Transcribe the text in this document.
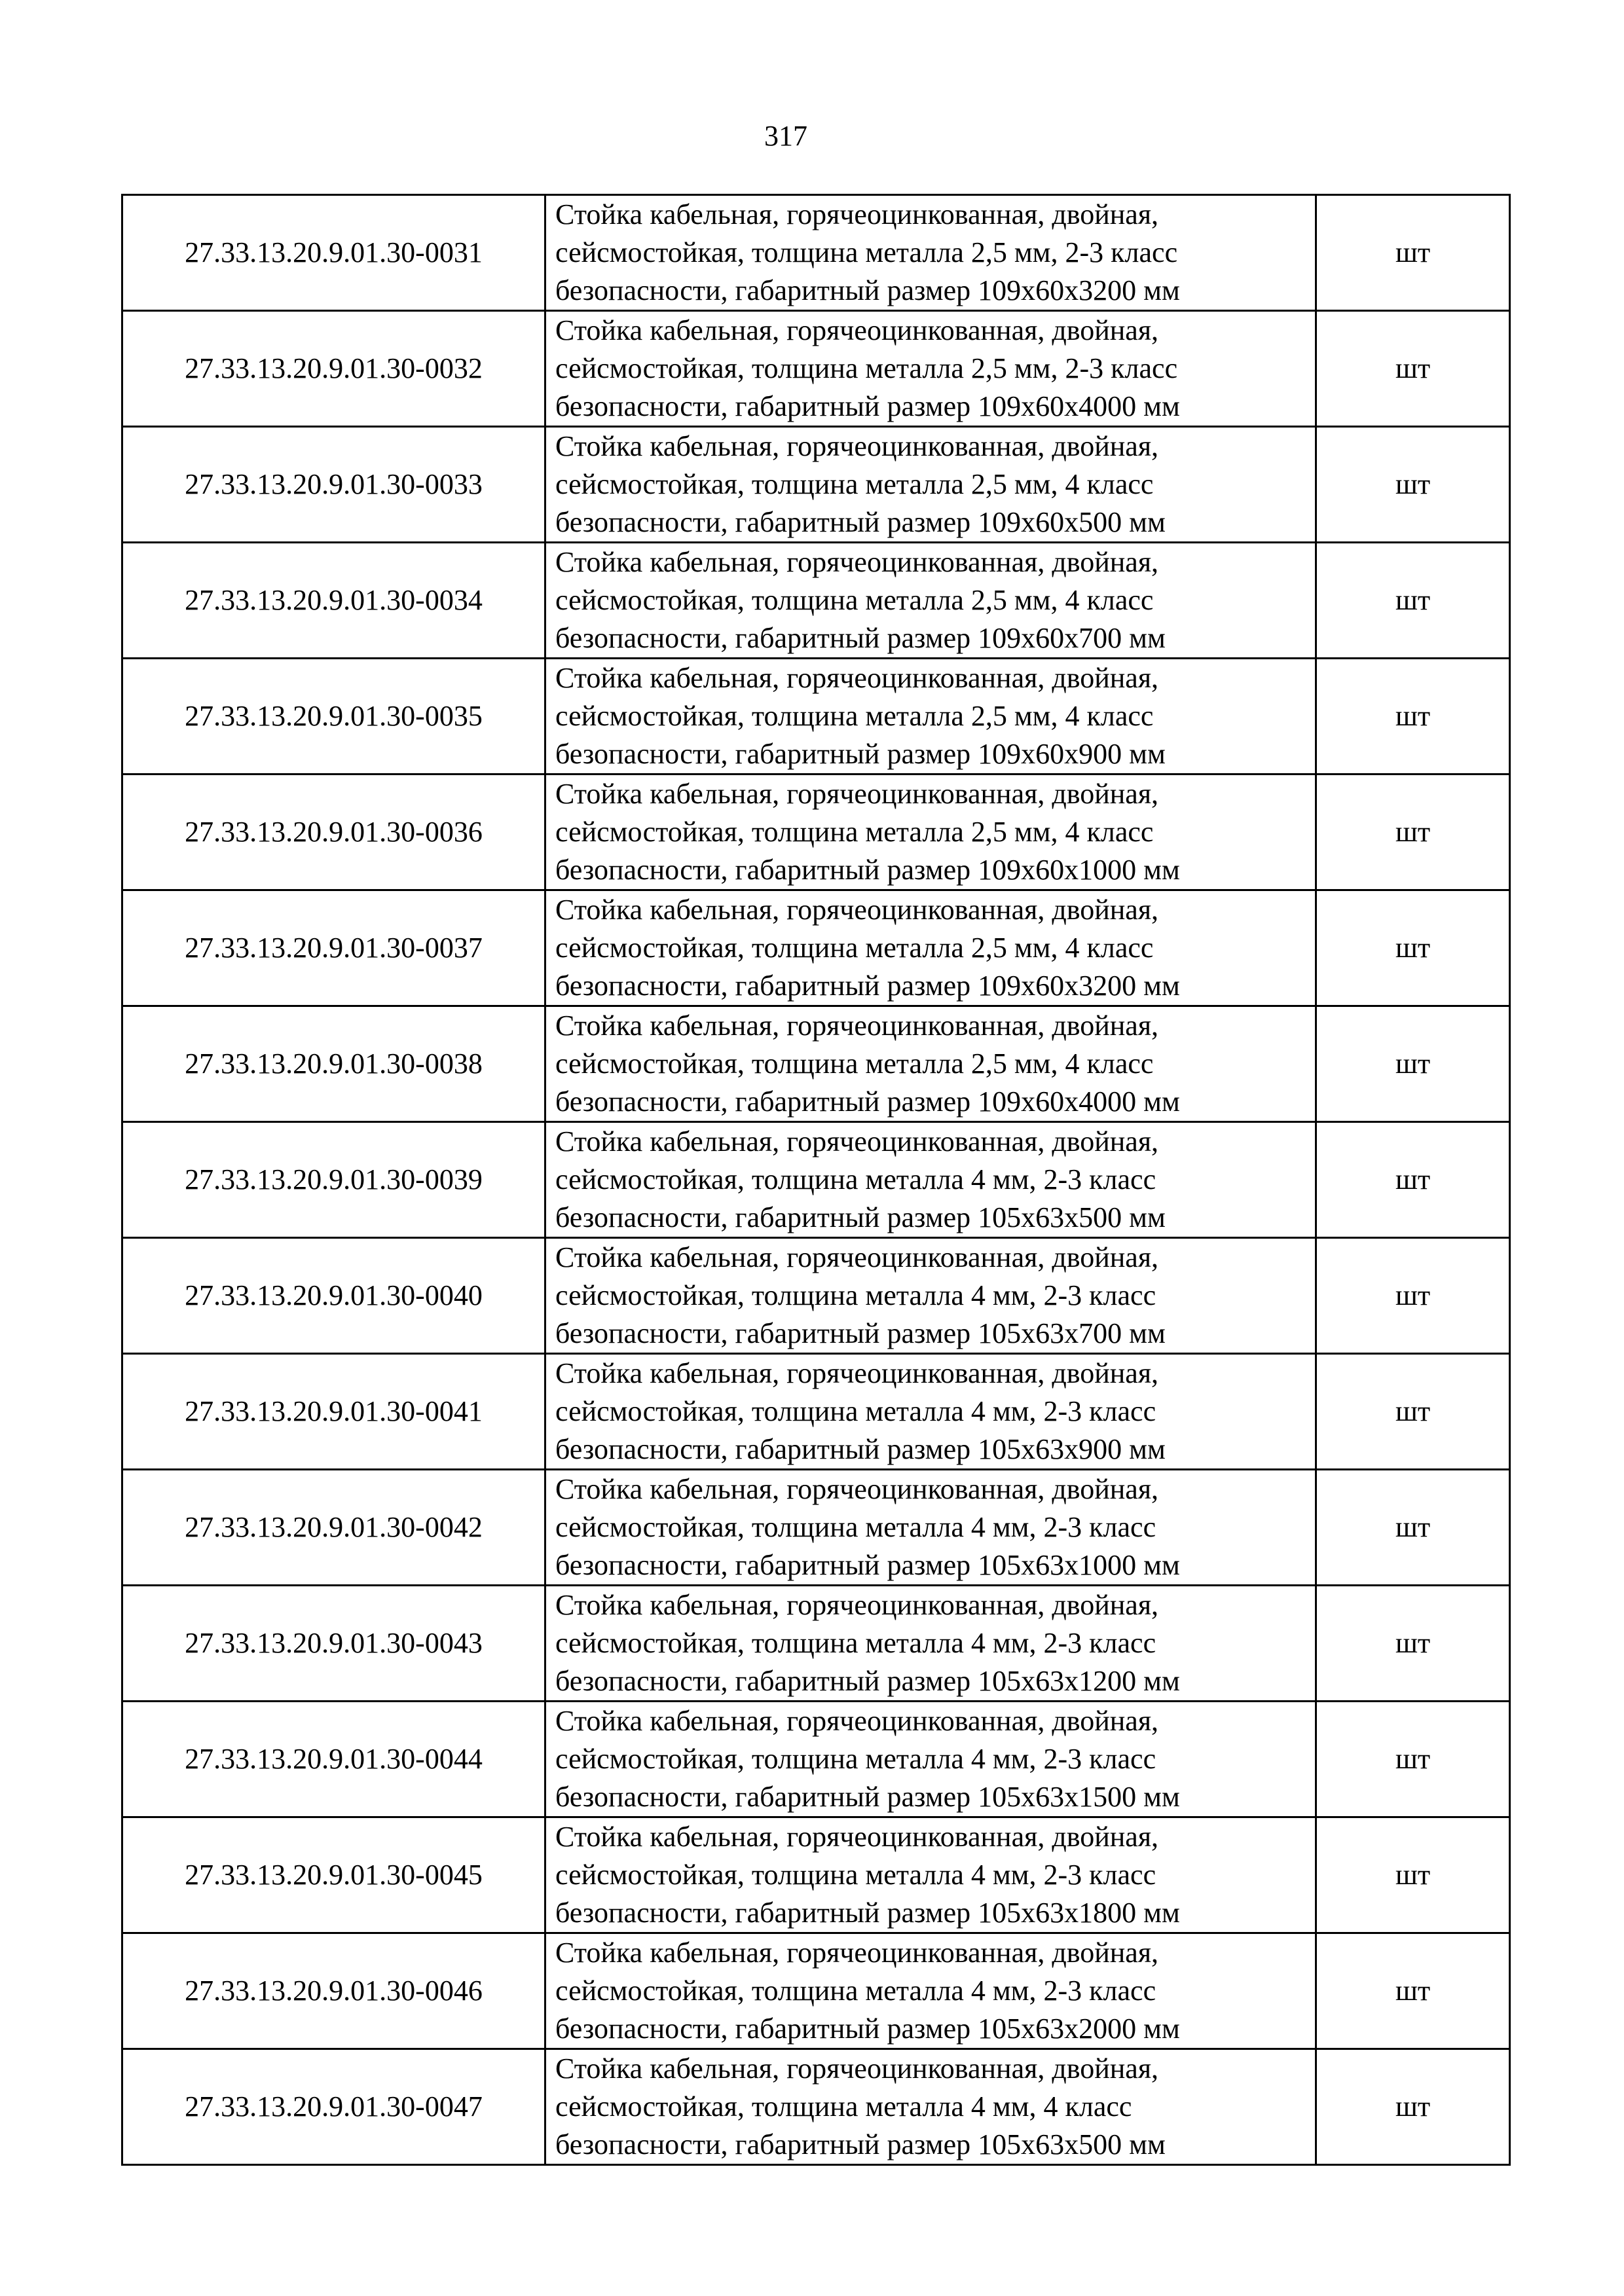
317
27.33.13.20.9.01.30-0031	Стойка кабельная, горячеоцинкованная, двойная,
сейсмостойкая, толщина металла 2,5 мм, 2-3 класс
безопасности, габаритный размер 109х60х3200 мм	шт
27.33.13.20.9.01.30-0032	Стойка кабельная, горячеоцинкованная, двойная,
сейсмостойкая, толщина металла 2,5 мм, 2-3 класс
безопасности, габаритный размер 109х60х4000 мм	шт
27.33.13.20.9.01.30-0033	Стойка кабельная, горячеоцинкованная, двойная,
сейсмостойкая, толщина металла 2,5 мм, 4 класс
безопасности, габаритный размер 109х60х500 мм	шт
27.33.13.20.9.01.30-0034	Стойка кабельная, горячеоцинкованная, двойная,
сейсмостойкая, толщина металла 2,5 мм, 4 класс
безопасности, габаритный размер 109х60х700 мм	шт
27.33.13.20.9.01.30-0035	Стойка кабельная, горячеоцинкованная, двойная,
сейсмостойкая, толщина металла 2,5 мм, 4 класс
безопасности, габаритный размер 109х60х900 мм	шт
27.33.13.20.9.01.30-0036	Стойка кабельная, горячеоцинкованная, двойная,
сейсмостойкая, толщина металла 2,5 мм, 4 класс
безопасности, габаритный размер 109х60х1000 мм	шт
27.33.13.20.9.01.30-0037	Стойка кабельная, горячеоцинкованная, двойная,
сейсмостойкая, толщина металла 2,5 мм, 4 класс
безопасности, габаритный размер 109х60х3200 мм	шт
27.33.13.20.9.01.30-0038	Стойка кабельная, горячеоцинкованная, двойная,
сейсмостойкая, толщина металла 2,5 мм, 4 класс
безопасности, габаритный размер 109х60х4000 мм	шт
27.33.13.20.9.01.30-0039	Стойка кабельная, горячеоцинкованная, двойная,
сейсмостойкая, толщина металла 4 мм, 2-3 класс
безопасности, габаритный размер 105х63х500 мм	шт
27.33.13.20.9.01.30-0040	Стойка кабельная, горячеоцинкованная, двойная,
сейсмостойкая, толщина металла 4 мм, 2-3 класс
безопасности, габаритный размер 105х63х700 мм	шт
27.33.13.20.9.01.30-0041	Стойка кабельная, горячеоцинкованная, двойная,
сейсмостойкая, толщина металла 4 мм, 2-3 класс
безопасности, габаритный размер 105х63х900 мм	шт
27.33.13.20.9.01.30-0042	Стойка кабельная, горячеоцинкованная, двойная,
сейсмостойкая, толщина металла 4 мм, 2-3 класс
безопасности, габаритный размер 105х63х1000 мм	шт
27.33.13.20.9.01.30-0043	Стойка кабельная, горячеоцинкованная, двойная,
сейсмостойкая, толщина металла 4 мм, 2-3 класс
безопасности, габаритный размер 105х63х1200 мм	шт
27.33.13.20.9.01.30-0044	Стойка кабельная, горячеоцинкованная, двойная,
сейсмостойкая, толщина металла 4 мм, 2-3 класс
безопасности, габаритный размер 105х63х1500 мм	шт
27.33.13.20.9.01.30-0045	Стойка кабельная, горячеоцинкованная, двойная,
сейсмостойкая, толщина металла 4 мм, 2-3 класс
безопасности, габаритный размер 105х63х1800 мм	шт
27.33.13.20.9.01.30-0046	Стойка кабельная, горячеоцинкованная, двойная,
сейсмостойкая, толщина металла 4 мм, 2-3 класс
безопасности, габаритный размер 105х63х2000 мм	шт
27.33.13.20.9.01.30-0047	Стойка кабельная, горячеоцинкованная, двойная,
сейсмостойкая, толщина металла 4 мм, 4 класс
безопасности, габаритный размер 105х63х500 мм	шт
